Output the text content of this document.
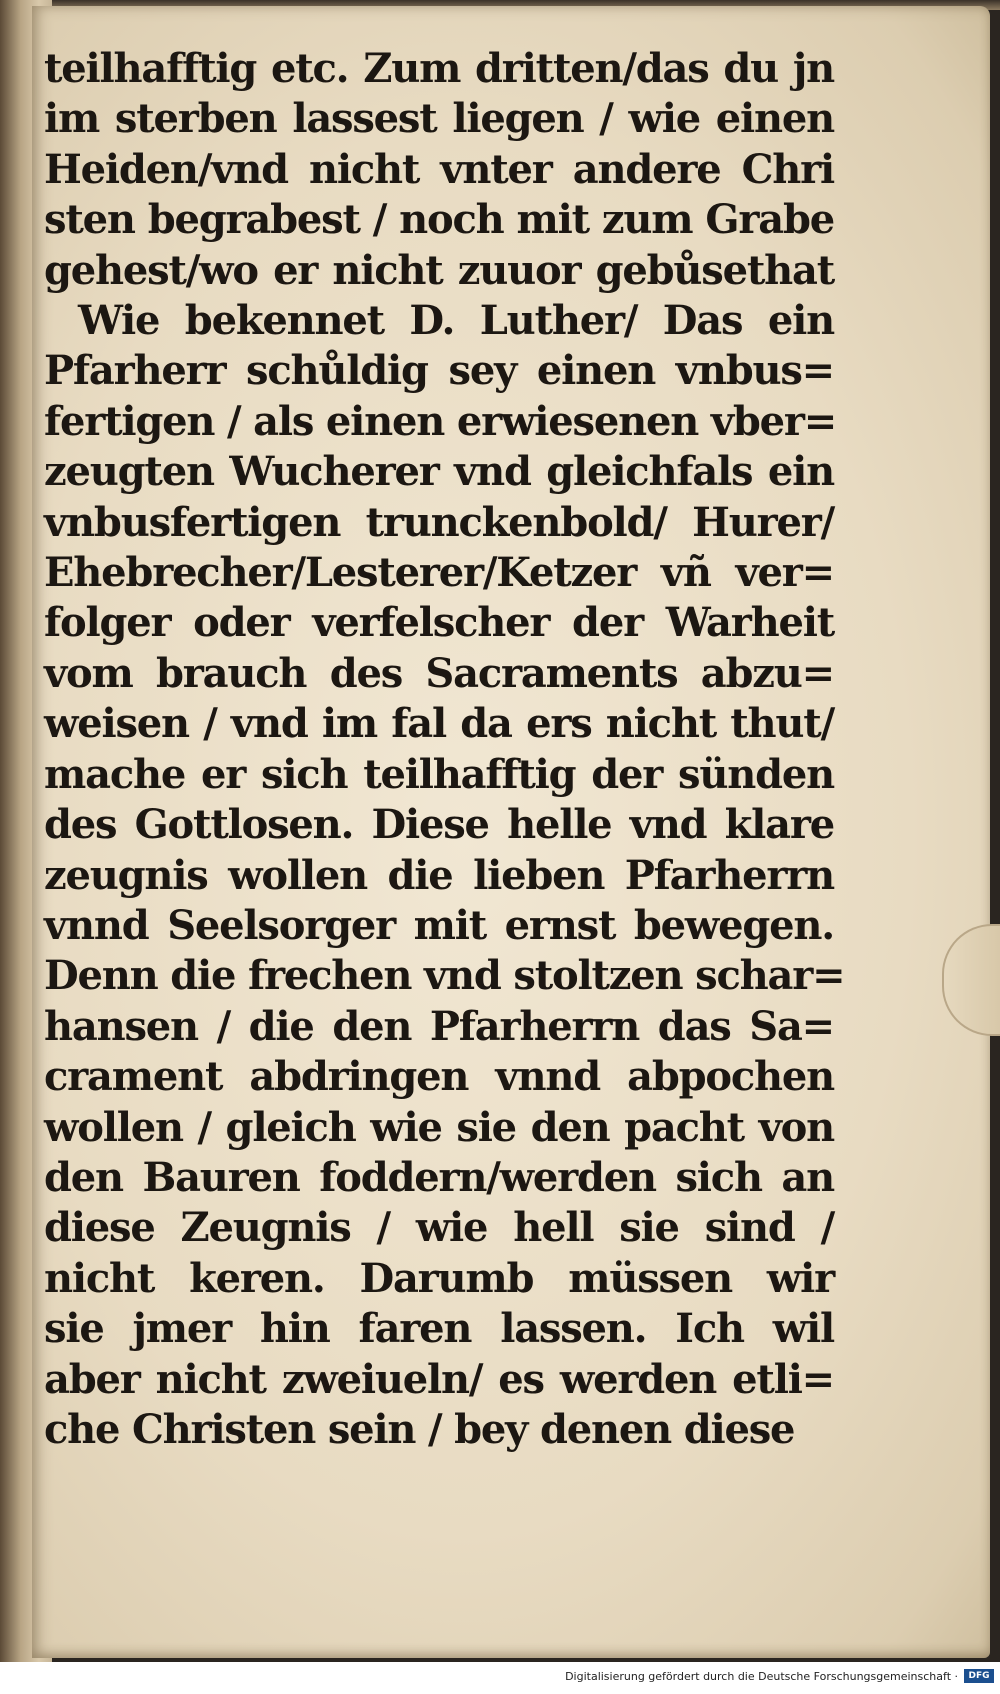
teilhafftig etc. Zum dritten/das du jn
im sterben lassest liegen / wie einen
Heiden/vnd nicht vnter andere Chri
sten begrabest / noch mit zum Grabe
gehest/wo er nicht zuuor gebůsethat
Wie bekennet D. Luther/ Das ein
Pfarherr schůldig sey einen vnbus=
fertigen / als einen erwiesenen vber=
zeugten Wucherer vnd gleichfals ein
vnbusfertigen trunckenbold/ Hurer/
Ehebrecher/Lesterer/Ketzer vñ ver=
folger oder verfelscher der Warheit
vom brauch des Sacraments abzu=
weisen / vnd im fal da ers nicht thut/
mache er sich teilhafftig der sünden
des Gottlosen. Diese helle vnd klare
zeugnis wollen die lieben Pfarherrn
vnnd Seelsorger mit ernst bewegen.
Denn die frechen vnd stoltzen schar=
hansen / die den Pfarherrn das Sa=
crament abdringen vnnd abpochen
wollen / gleich wie sie den pacht von
den Bauren foddern/werden sich an
diese Zeugnis / wie hell sie sind /
nicht keren. Darumb müssen wir
sie jmer hin faren lassen. Ich wil
aber nicht zweiueln/ es werden etli=
che Christen sein / bey denen diese
Digitalisierung gefördert durch die Deutsche Forschungsgemeinschaft ·	DFG
